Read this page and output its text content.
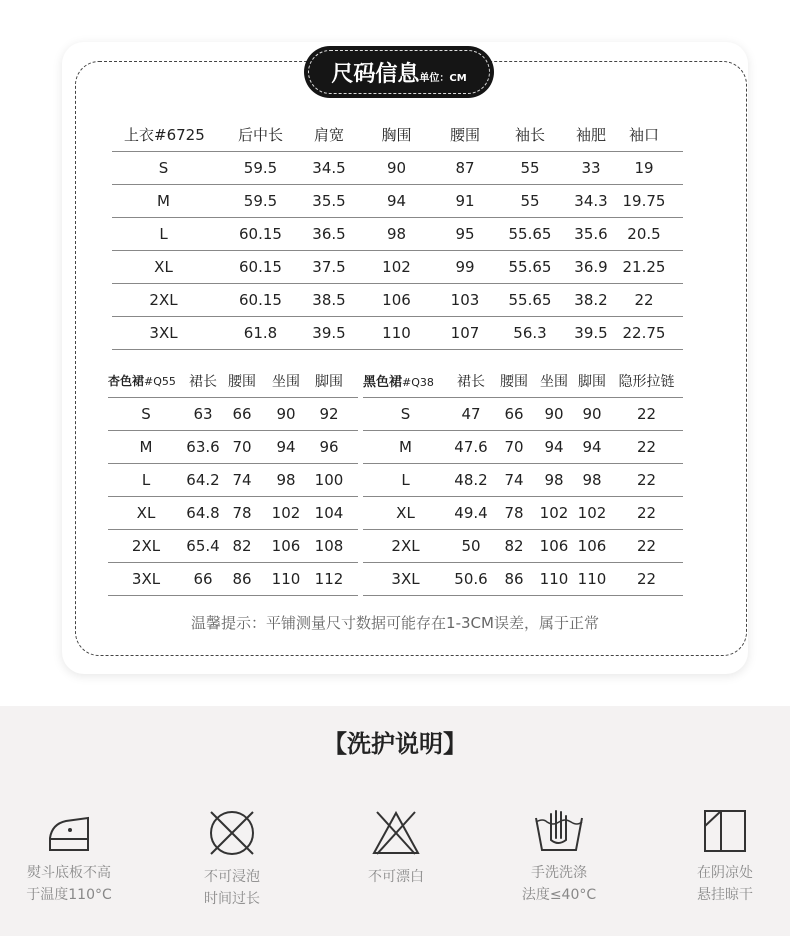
尺码信息 单位：CM
上衣#6725	后中长	肩宽	胸围	腰围	袖长	袖肥	袖口
S	59.5	34.5	90	87	55	33	19
M	59.5	35.5	94	91	55	34.3 19.75
L	60.15	36.5	98	95	55.65	35.6	20.5
XL	60.15	37.5	102	99	55.65	36.9 21.25
2XL	60.15	38.5	106	103	55.65	38.2	22
3XL	61.8	39.5	110	107	56.3	39.5 22.75
杏色裙#Q55 裙长 腰围	坐围	脚围
S	63	66	90	92
M	63.6 70	94	96
L	64.2 74	98	100
XL	64.8 78	102 104
2XL	65.4 82	106 108
3XL	66	86	110 112
黑色裙#Q38	裙长	腰围 坐围 脚围 隐形拉链
S	47	66	90	90	22
M	47.6	70	94	94	22
L	48.2	74	98	98	22
XL	49.4	78	102 102	22
2XL	50	82	106 106	22
3XL	50.6	86	110 110	22
温馨提示：平铺测量尺寸数据可能存在1-3CM误差，属于正常
【洗护说明】
熨斗底板不高
于温度110°C
不可浸泡
时间过长
不可漂白	手洗洗涤
法度≤40°C
在阴凉处
悬挂晾干
